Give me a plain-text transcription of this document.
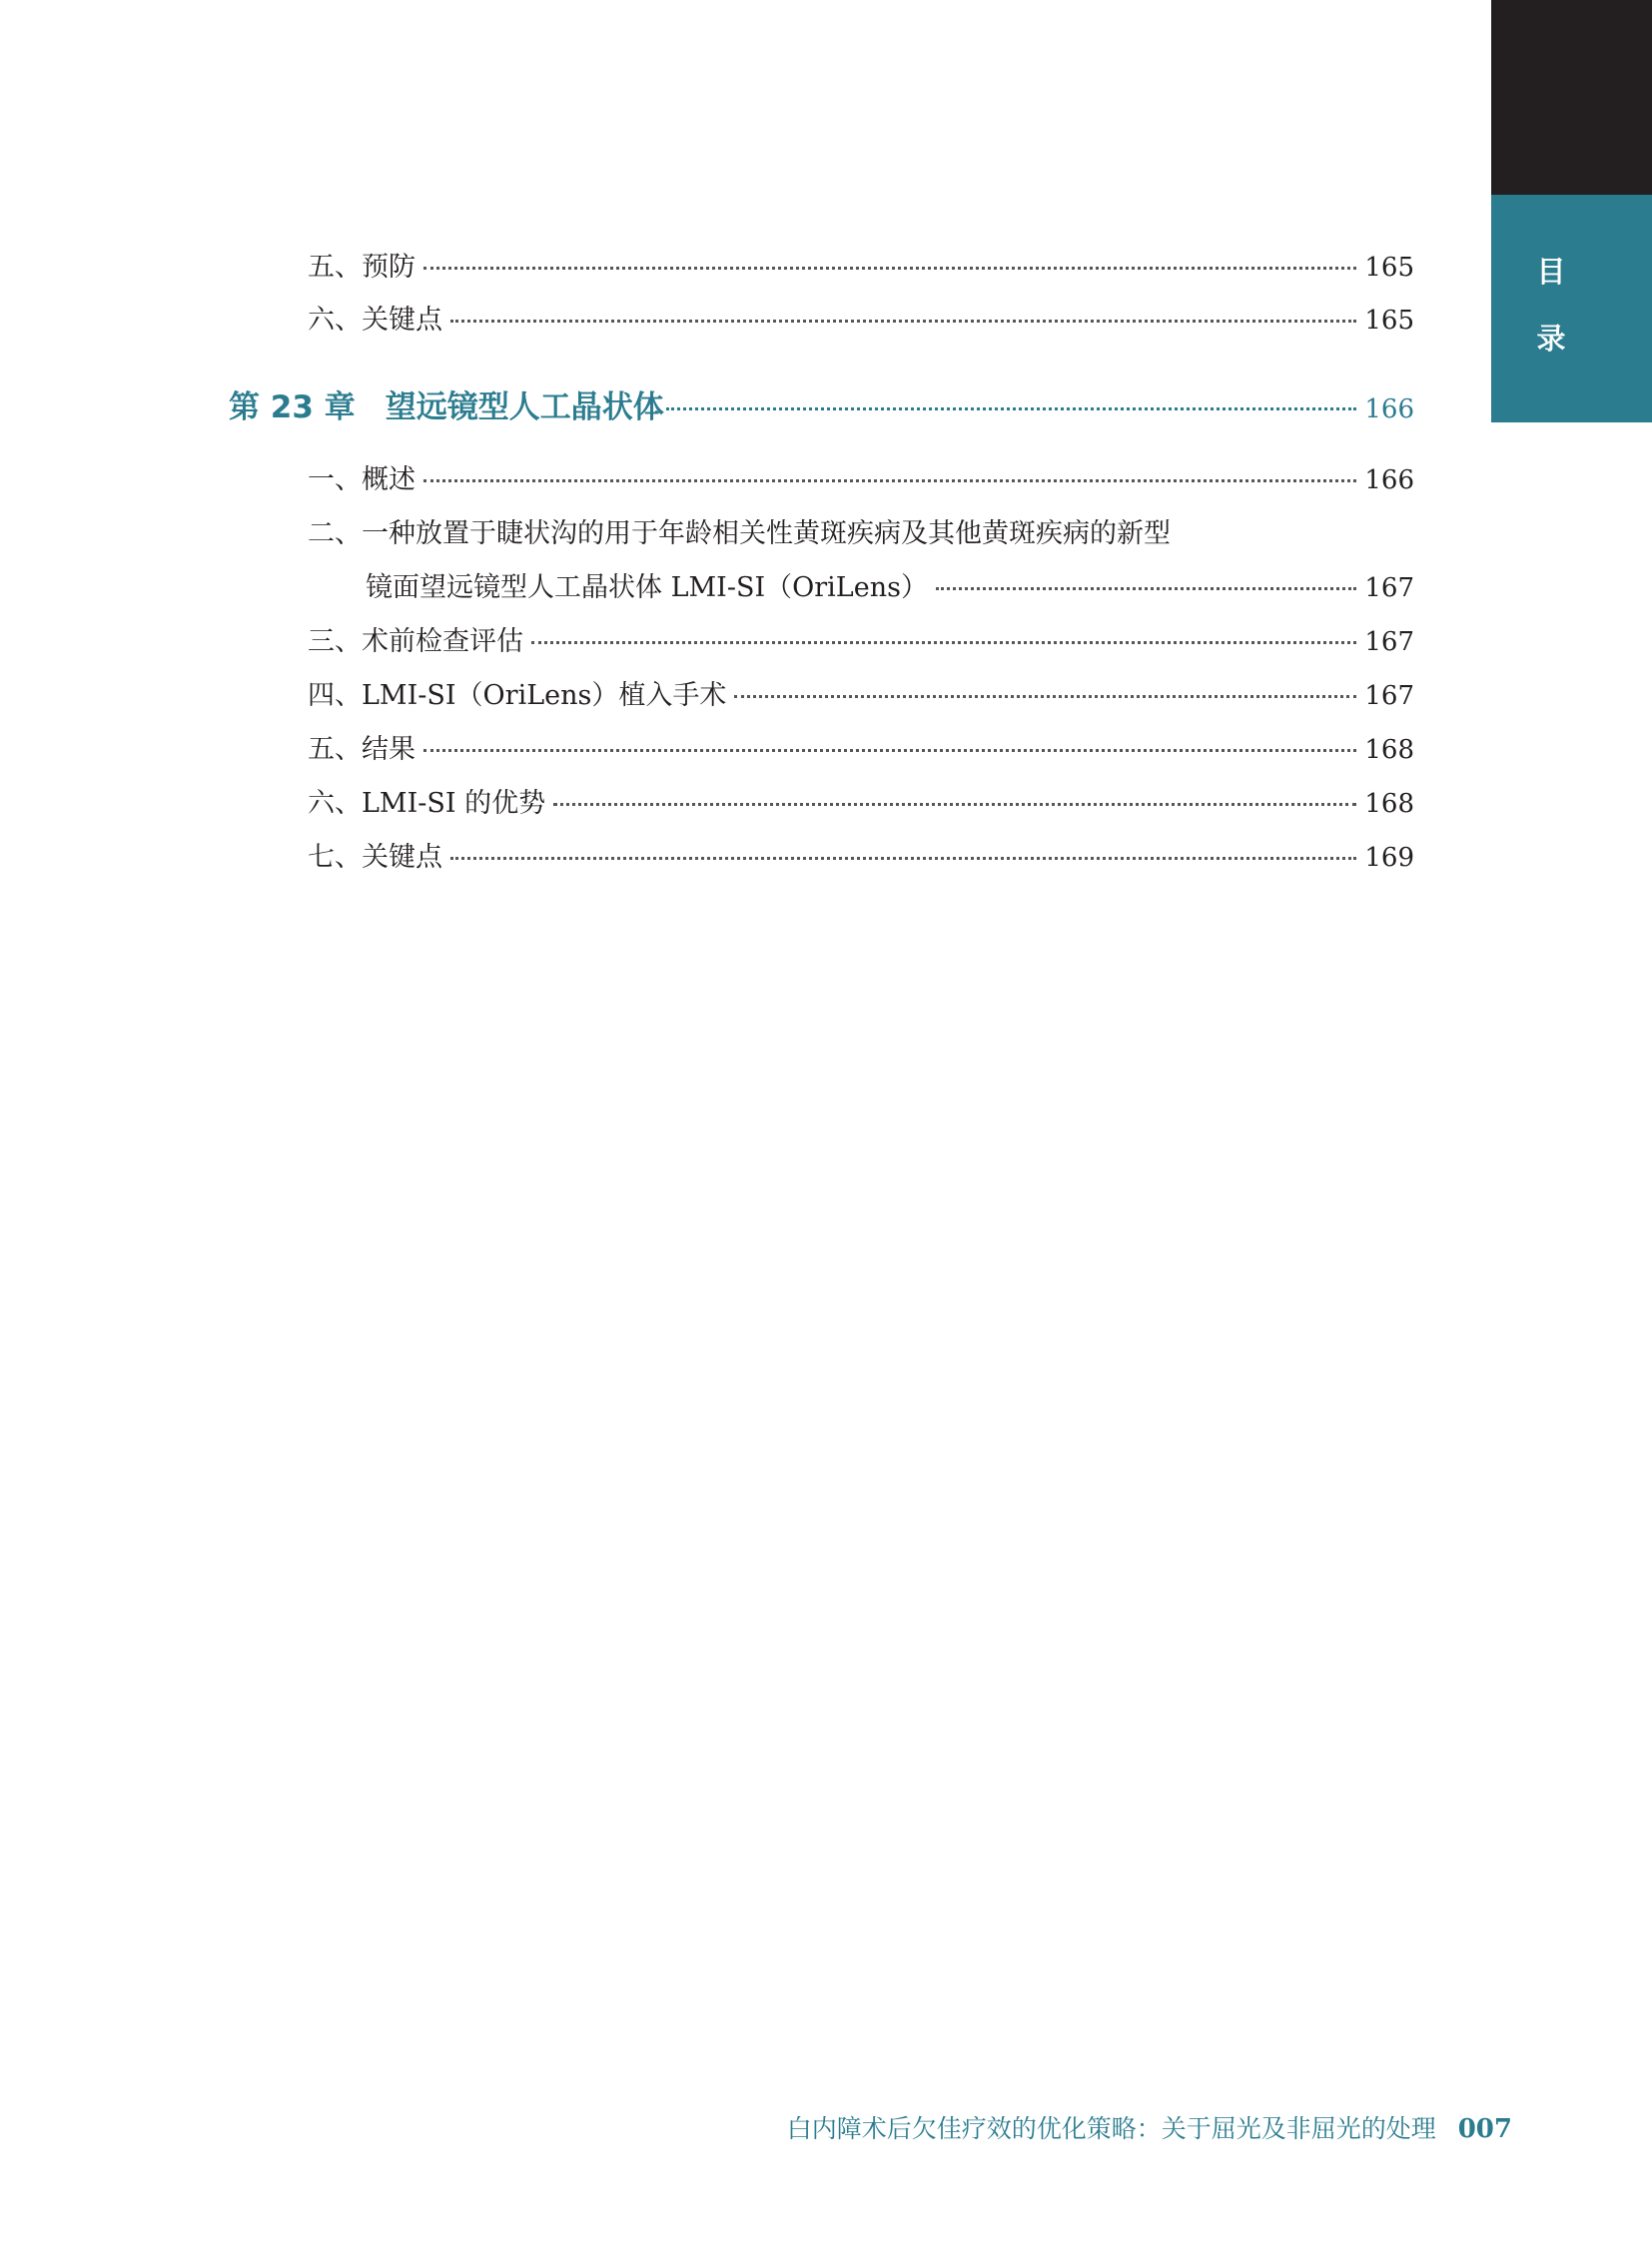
目
录
五、预防	165
六、关键点	165
第 23 章 望远镜型人工晶状体	166
一、概述	166
二、一种放置于睫状沟的用于年龄相关性黄斑疾病及其他黄斑疾病的新型
镜面望远镜型人工晶状体 LMI-SI（OriLens）	167
三、术前检查评估	167
四、LMI-SI（OriLens）植入手术	167
五、结果	168
六、LMI-SI 的优势	168
七、关键点	169
白内障术后欠佳疗效的优化策略：关于屈光及非屈光的处理 007
